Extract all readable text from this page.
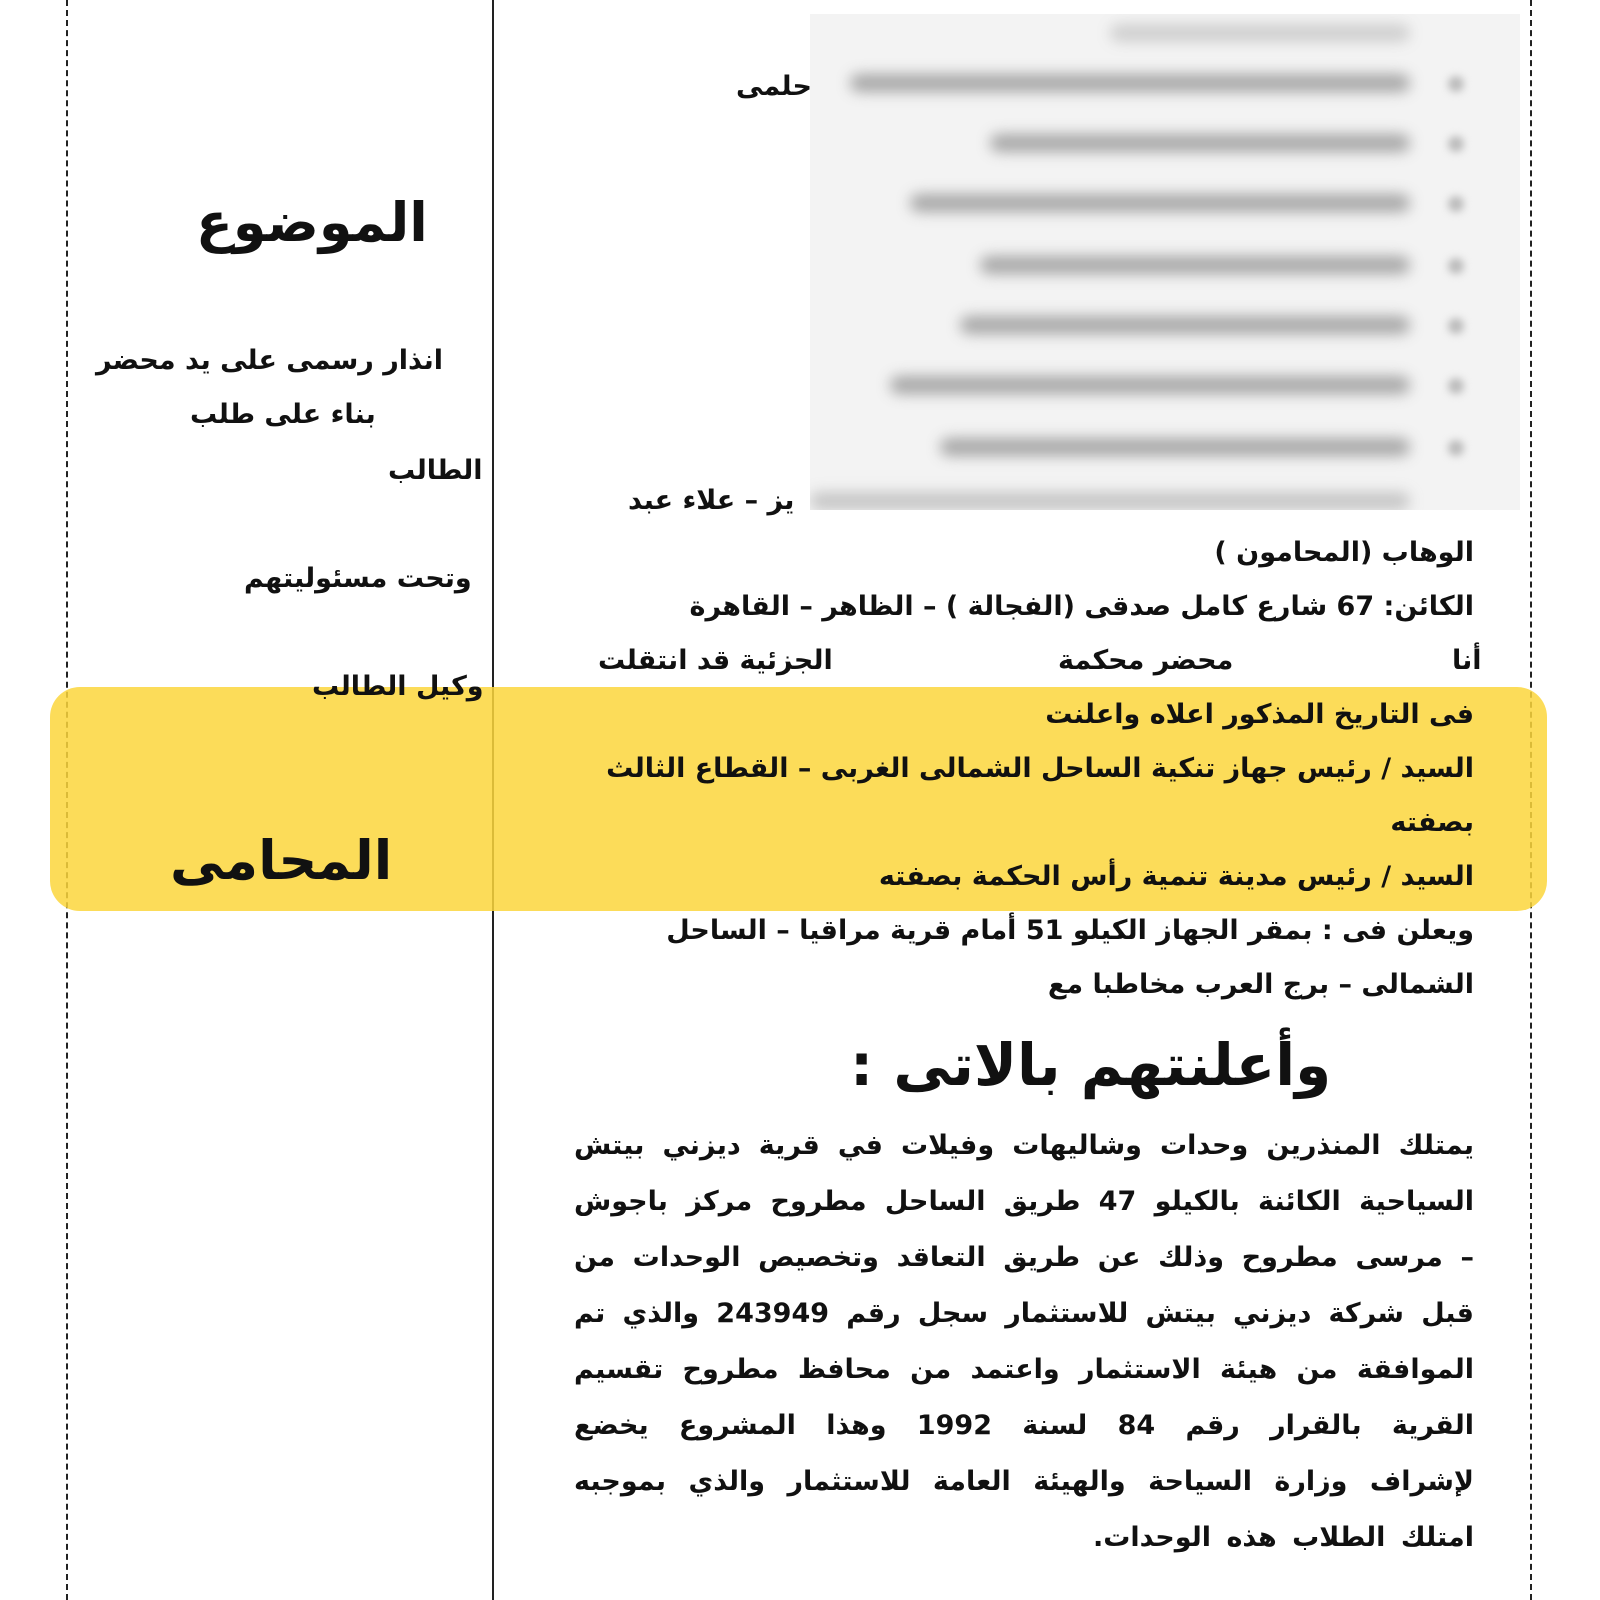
الموضوع
انذار رسمى على يد محضر
بناء على طلب
الطالب
وتحت مسئوليتهم
وكيل الطالب
المحامى
حلمى
يز – علاء عبد
الوهاب (المحامون )
الكائن: 67 شارع كامل صدقى (الفجالة ) – الظاهر – القاهرة
أنا
محضر محكمة
الجزئية قد انتقلت
فى التاريخ المذكور اعلاه واعلنت
السيد / رئيس جهاز تنكية الساحل الشمالى الغربى – القطاع الثالث
بصفته
السيد / رئيس مدينة تنمية رأس الحكمة بصفته
ويعلن فى : بمقر الجهاز الكيلو 51 أمام قرية مراقيا – الساحل
الشمالى – برج العرب مخاطبا مع
وأعلنتهم بالاتى :
يمتلك المنذرين وحدات وشاليهات وفيلات في قرية ديزني بيتش السياحية الكائنة بالكيلو 47 طريق الساحل مطروح مركز باجوش – مرسى مطروح وذلك عن طريق التعاقد وتخصيص الوحدات من قبل شركة ديزني بيتش للاستثمار سجل رقم 243949 والذي تم الموافقة من هيئة الاستثمار واعتمد من محافظ مطروح تقسيم القرية بالقرار رقم 84 لسنة 1992 وهذا المشروع يخضع لإشراف وزارة السياحة والهيئة العامة للاستثمار والذي بموجبه امتلك الطلاب هذه الوحدات.
